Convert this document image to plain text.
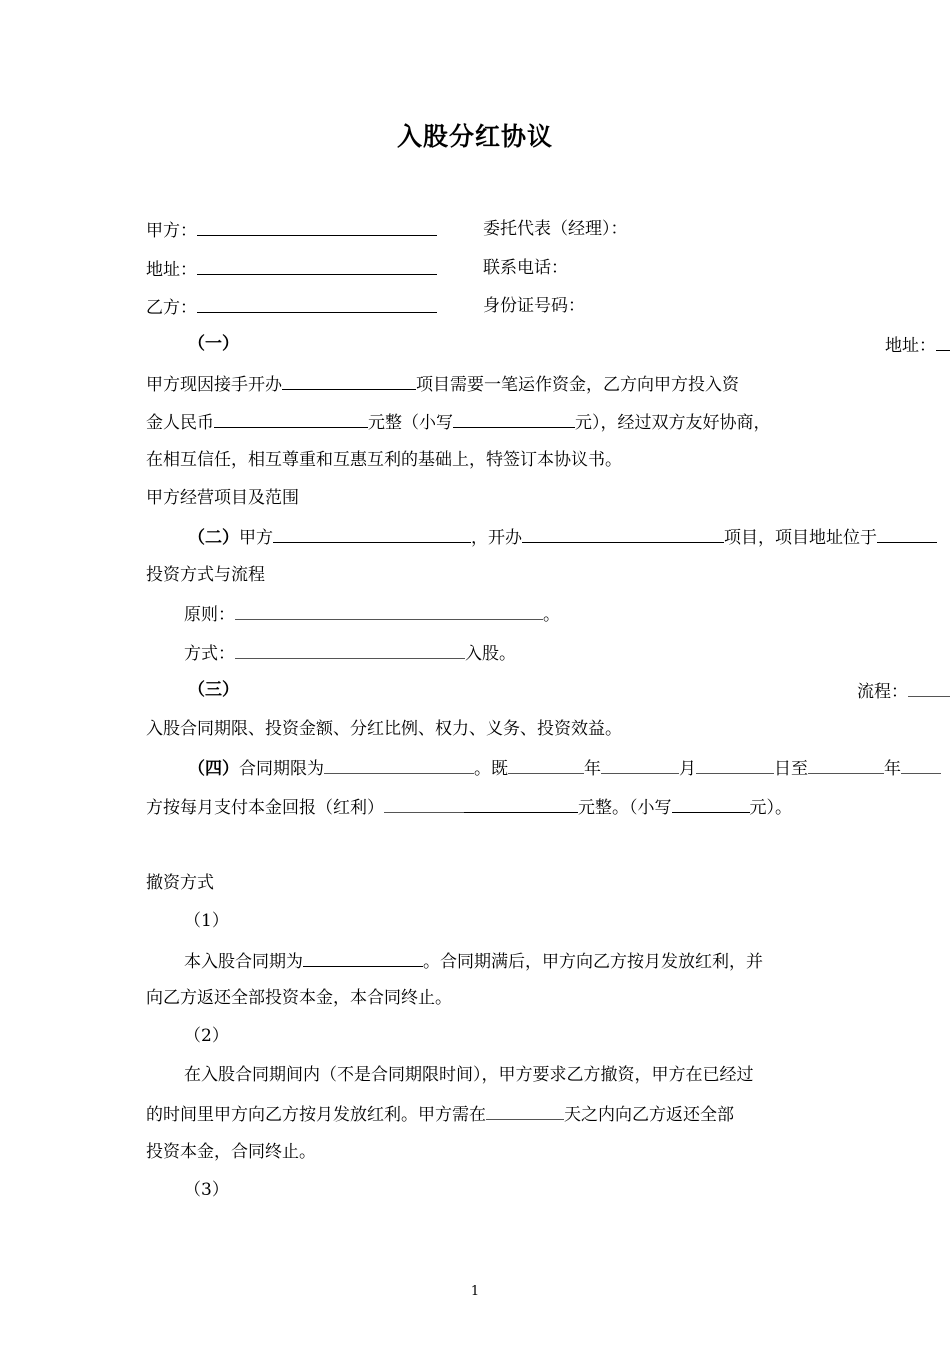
入股分红协议
甲方：	委托代表（经理）：
地址：	联系电话：
乙方：	身份证号码：
（一）	地址：
甲方现因接手开办	项目需要一笔运作资金，乙方向甲方投入资
金人民币	元整（小写	元），经过双方友好协商，
在相互信任，相互尊重和互惠互利的基础上，特签订本协议书。
甲方经营项目及范围
（二）甲方	，开办	项目，项目地址位于
投资方式与流程
原则：	。
方式：	入股。
（三）	流程：
入股合同期限、投资金额、分红比例、权力、义务、投资效益。
（四）合同期限为	。既	年	月	日至	年
方按每月支付本金回报（红利）	元整。（小写	元）。
撤资方式
（1）
本入股合同期为	。合同期满后，甲方向乙方按月发放红利，并
向乙方返还全部投资本金，本合同终止。
（2）
在入股合同期间内（不是合同期限时间），甲方要求乙方撤资，甲方在已经过
的时间里甲方向乙方按月发放红利。甲方需在	天之内向乙方返还全部
投资本金，合同终止。
（3）
1
